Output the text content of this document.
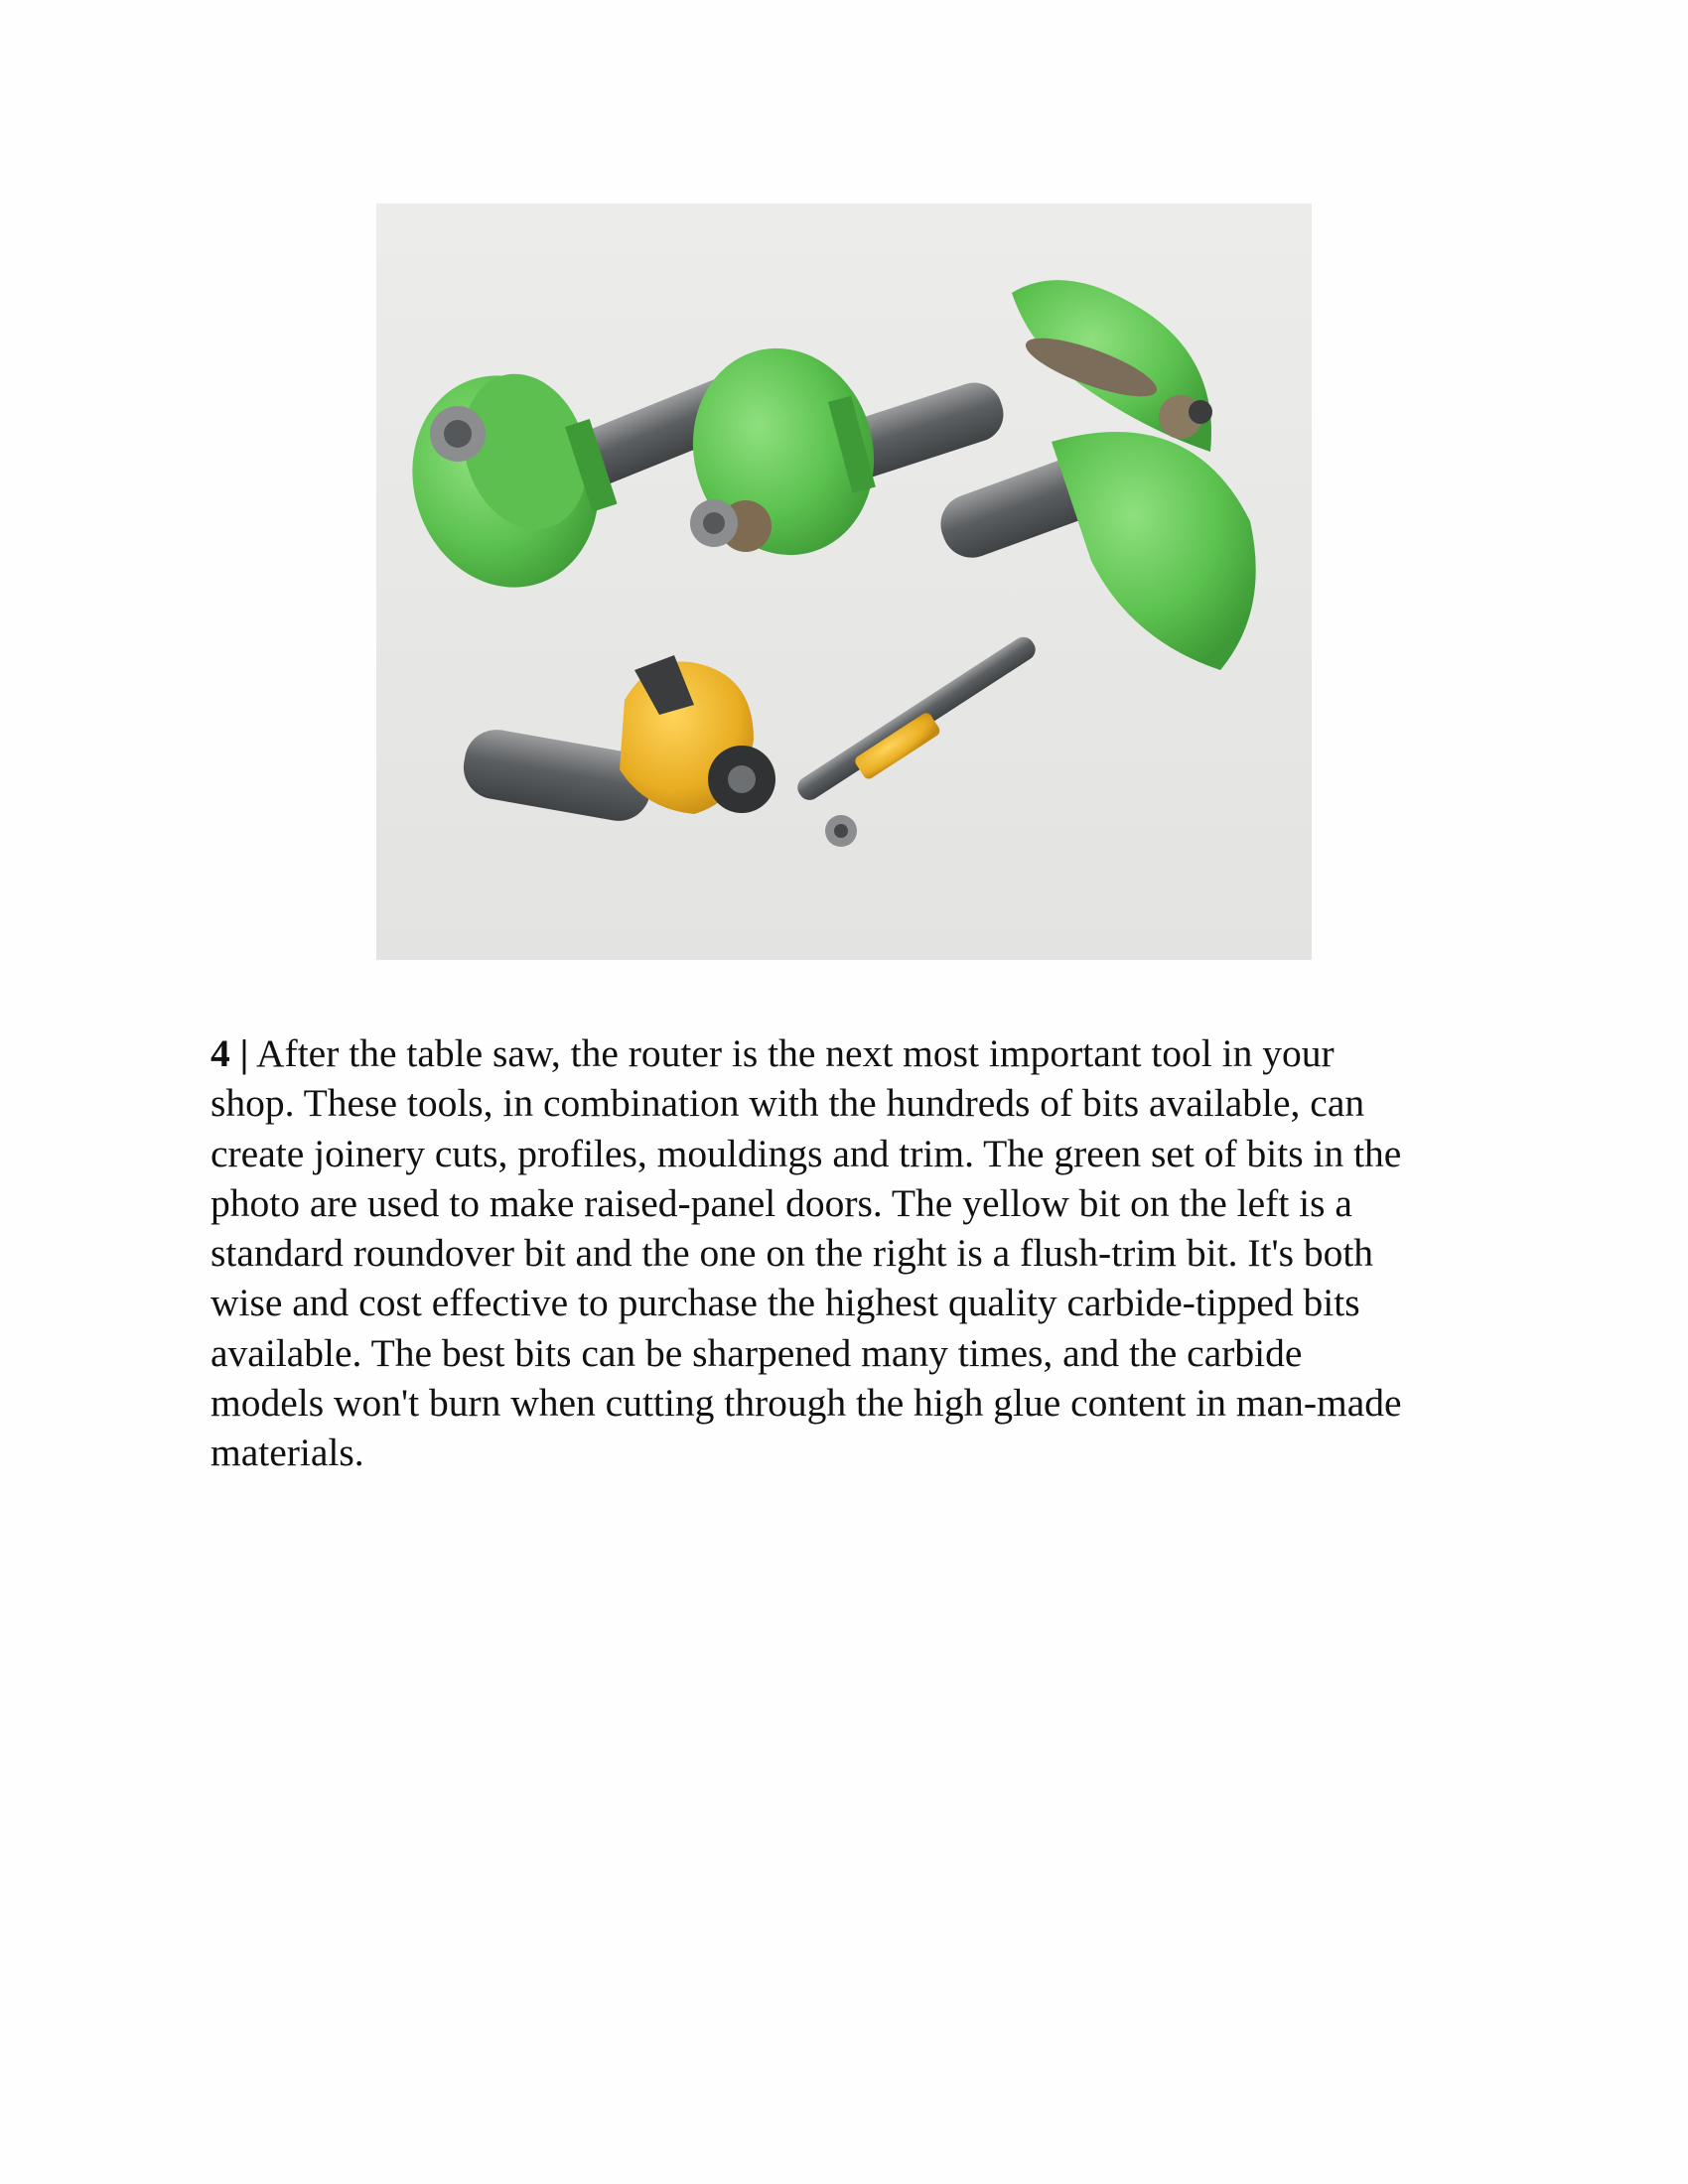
4 | After the table saw, the router is the next most important tool in your
shop. These tools, in combination with the hundreds of bits available, can
create joinery cuts, profiles, mouldings and trim. The green set of bits in the
photo are used to make raised-panel doors. The yellow bit on the left is a
standard roundover bit and the one on the right is a flush-trim bit. It's both
wise and cost effective to purchase the highest quality carbide-tipped bits
available. The best bits can be sharpened many times, and the carbide
models won't burn when cutting through the high glue content in man-made
materials.
